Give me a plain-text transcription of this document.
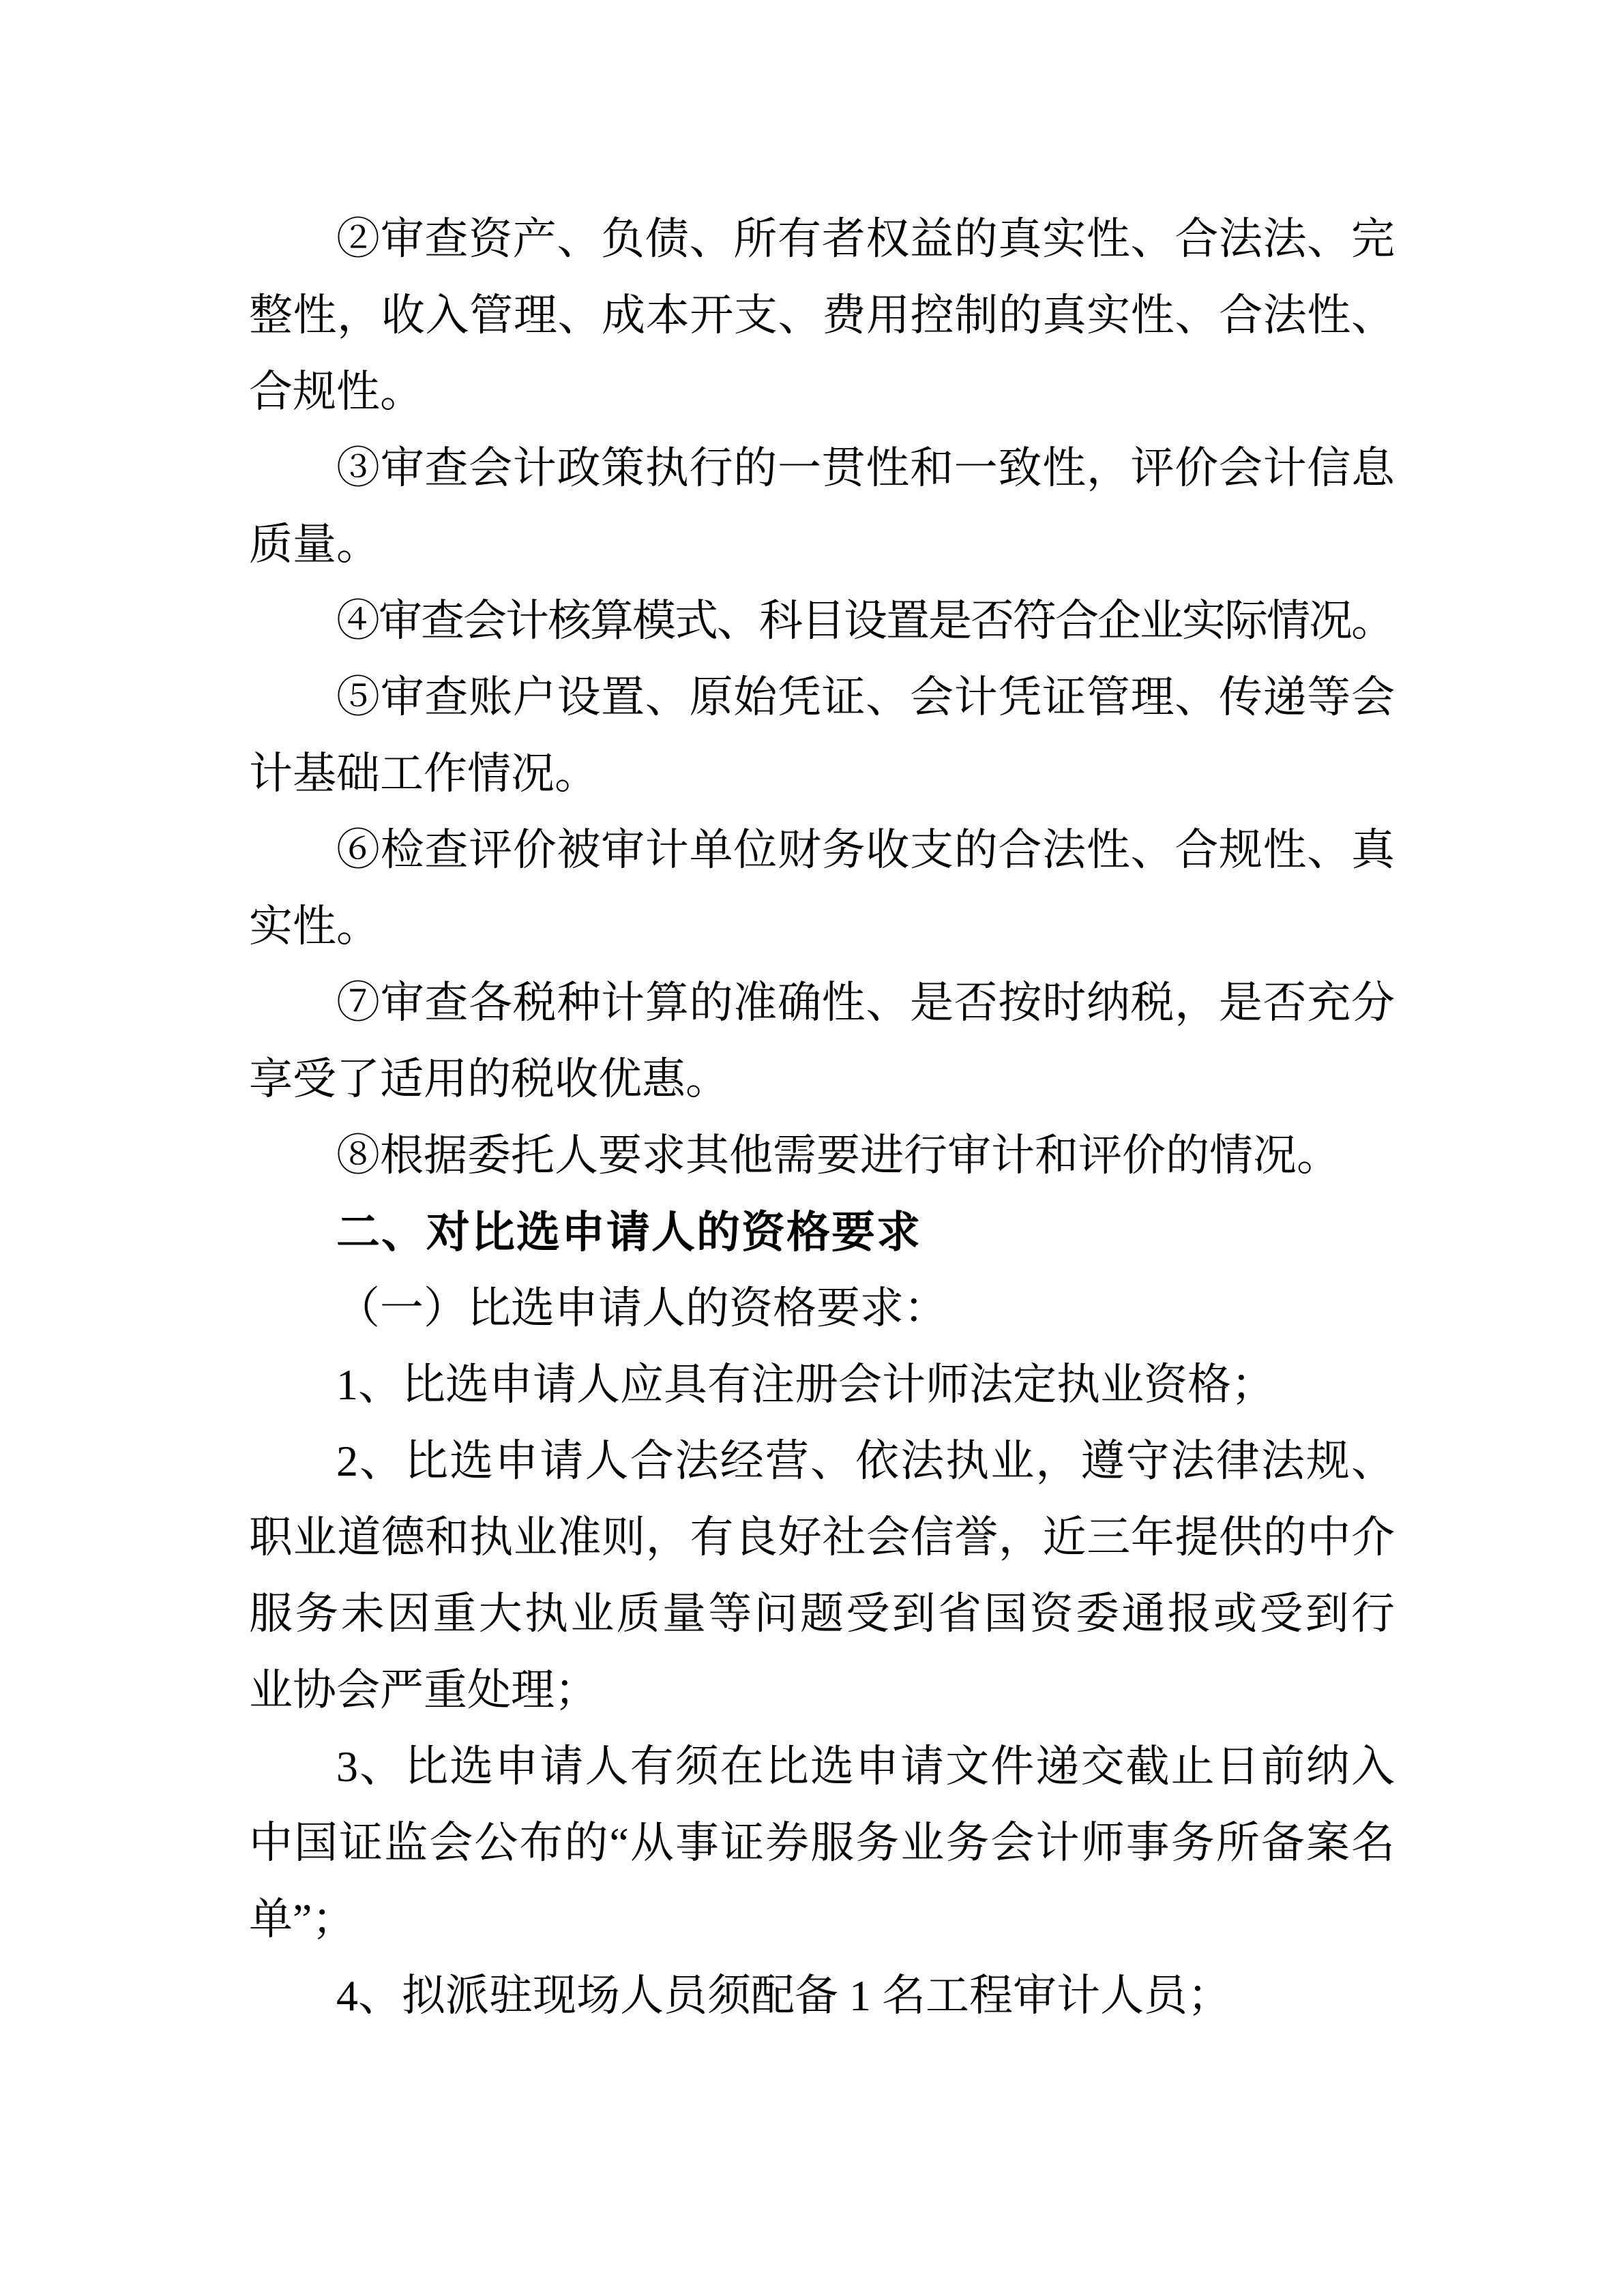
②审查资产、负债、所有者权益的真实性、合法法、完
整性，收入管理、成本开支、费用控制的真实性、合法性、
合规性。
③审查会计政策执行的一贯性和一致性，评价会计信息
质量。
④审查会计核算模式、科目设置是否符合企业实际情况。
⑤审查账户设置、原始凭证、会计凭证管理、传递等会
计基础工作情况。
⑥检查评价被审计单位财务收支的合法性、合规性、真
实性。
⑦审查各税种计算的准确性、是否按时纳税，是否充分
享受了适用的税收优惠。
⑧根据委托人要求其他需要进行审计和评价的情况。
二、对比选申请人的资格要求
（一）比选申请人的资格要求：
1、比选申请人应具有注册会计师法定执业资格；
2、比选申请人合法经营、依法执业，遵守法律法规、
职业道德和执业准则，有良好社会信誉，近三年提供的中介
服务未因重大执业质量等问题受到省国资委通报或受到行
业协会严重处理；
3、比选申请人有须在比选申请文件递交截止日前纳入
中国证监会公布的“从事证券服务业务会计师事务所备案名
单”；
4、拟派驻现场人员须配备 1 名工程审计人员；
